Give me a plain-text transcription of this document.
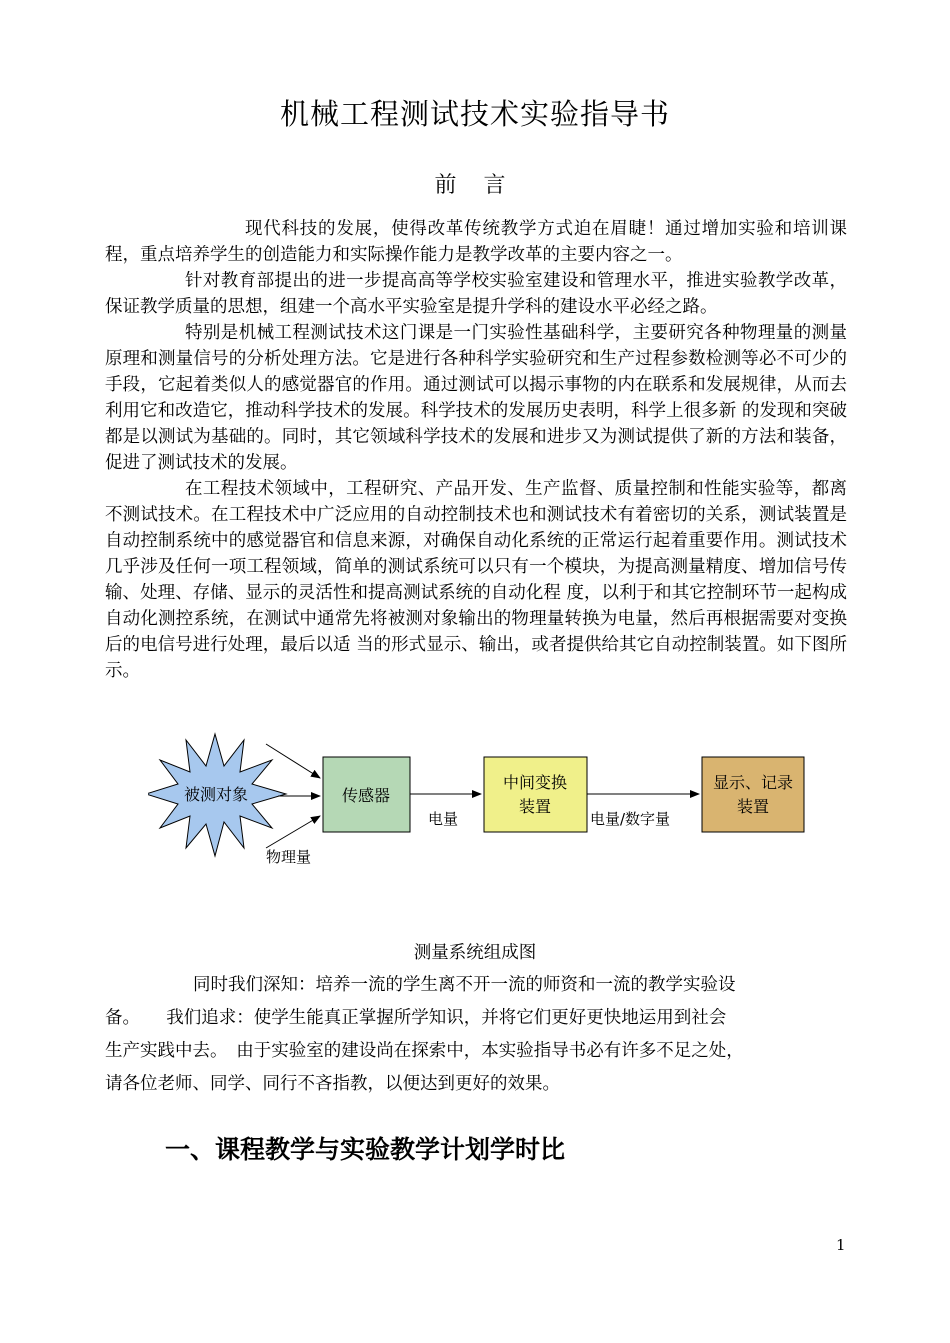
机械工程测试技术实验指导书
前 言

现代科技的发展，使得改革传统教学方式迫在眉睫！通过增加实验和培训课程，重点培养学生的创造能力和实际操作能力是教学改革的主要内容之一。

针对教育部提出的进一步提高高等学校实验室建设和管理水平，推进实验教学改革，保证教学质量的思想，组建一个高水平实验室是提升学科的建设水平必经之路。

特别是机械工程测试技术这门课是一门实验性基础科学，主要研究各种物理量的测量原理和测量信号的分析处理方法。它是进行各种科学实验研究和生产过程参数检测等必不可少的手段，它起着类似人的感觉器官的作用。通过测试可以揭示事物的内在联系和发展规律，从而去利用它和改造它，推动科学技术的发展。科学技术的发展历史表明，科学上很多新 的发现和突破都是以测试为基础的。同时，其它领域科学技术的发展和进步又为测试提供了新的方法和装备，促进了测试技术的发展。

在工程技术领域中，工程研究、产品开发、生产监督、质量控制和性能实验等，都离不测试技术。在工程技术中广泛应用的自动控制技术也和测试技术有着密切的关系，测试装置是自动控制系统中的感觉器官和信息来源，对确保自动化系统的正常运行起着重要作用。测试技术几乎涉及任何一项工程领域，简单的测试系统可以只有一个模块，为提高测量精度、增加信号传输、处理、存储、显示的灵活性和提高测试系统的自动化程 度，以利于和其它控制环节一起构成自动化测控系统，在测试中通常先将被测对象输出的物理量转换为电量，然后再根据需要对变换后的电信号进行处理，最后以适 当的形式显示、输出，或者提供给其它自动控制装置。如下图所示。

被测对象
物理量
传感器
电量
中间变换
装置
电量/数字量
显示、记录
装置
测量系统组成图

同时我们深知：培养一流的学生离不开一流的师资和一流的教学实验设

备。　　我们追求：使学生能真正掌握所学知识，并将它们更好更快地运用到社会

生产实践中去。　由于实验室的建设尚在探索中，本实验指导书必有许多不足之处，

请各位老师、同学、同行不吝指教，以便达到更好的效果。

一、课程教学与实验教学计划学时比
1
